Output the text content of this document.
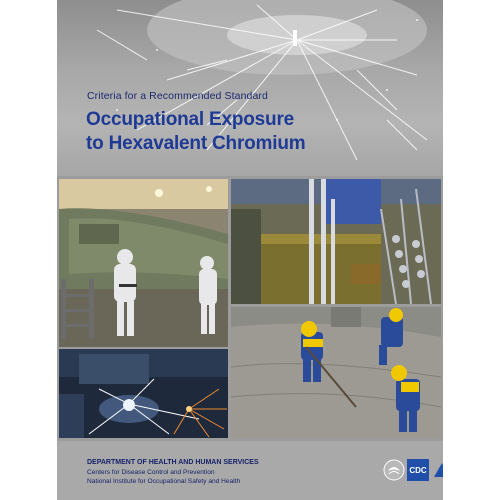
Criteria for a Recommended Standard
Occupational Exposure
to Hexavalent Chromium
DEPARTMENT OF HEALTH AND HUMAN SERVICES
Centers for Disease Control and Prevention
National Institute for Occupational Safety and Health
CDC NIOSH
